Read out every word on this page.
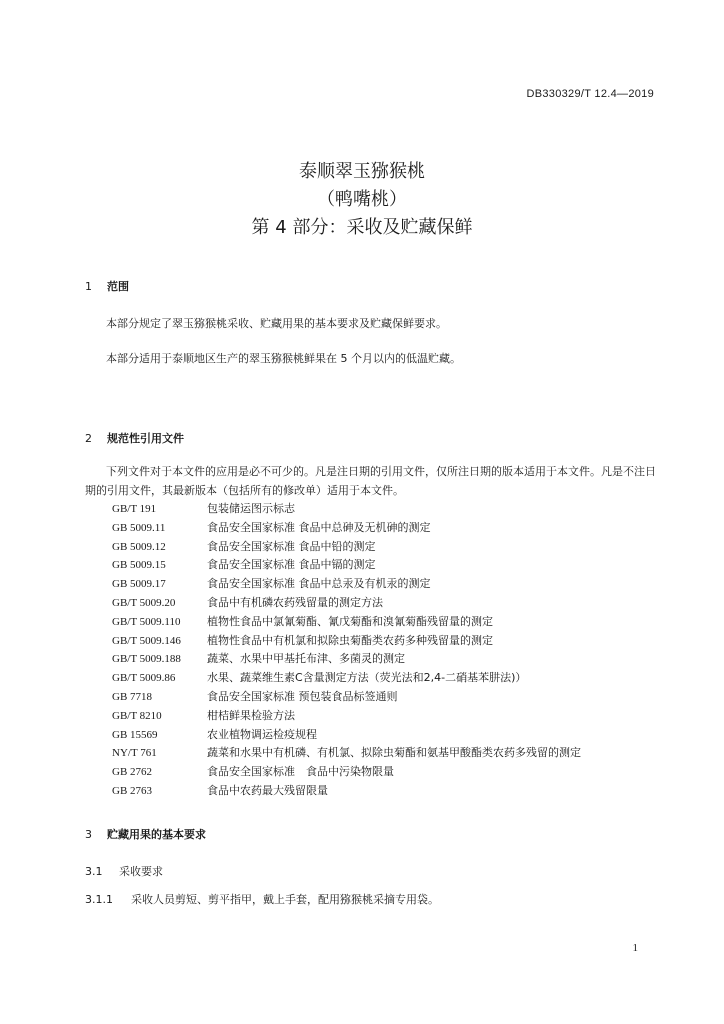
DB330329/T 12.4—2019
泰顺翠玉猕猴桃
（鸭嘴桃）
第 4 部分：采收及贮藏保鲜
1 范围
本部分规定了翠玉猕猴桃采收、贮藏用果的基本要求及贮藏保鲜要求。
本部分适用于泰顺地区生产的翠玉猕猴桃鲜果在 5 个月以内的低温贮藏。
2 规范性引用文件
下列文件对于本文件的应用是必不可少的。凡是注日期的引用文件，仅所注日期的版本适用于本文件。凡是不注日期的引用文件，其最新版本（包括所有的修改单）适用于本文件。
GB/T 191	包装储运图示标志
GB 5009.11	食品安全国家标准 食品中总砷及无机砷的测定
GB 5009.12	食品安全国家标准 食品中铅的测定
GB 5009.15	食品安全国家标准 食品中镉的测定
GB 5009.17	食品安全国家标准 食品中总汞及有机汞的测定
GB/T 5009.20	食品中有机磷农药残留量的测定方法
GB/T 5009.110	植物性食品中氯氰菊酯、氰戊菊酯和溴氰菊酯残留量的测定
GB/T 5009.146	植物性食品中有机氯和拟除虫菊酯类农药多种残留量的测定
GB/T 5009.188	蔬菜、水果中甲基托布津、多菌灵的测定
GB/T 5009.86	水果、蔬菜维生素C含量测定方法（荧光法和2,4-二硝基苯肼法)）
GB 7718	食品安全国家标准 预包装食品标签通则
GB/T 8210	柑桔鲜果检验方法
GB 15569	农业植物调运检疫规程
NY/T 761	蔬菜和水果中有机磷、有机氯、拟除虫菊酯和氨基甲酸酯类农药多残留的测定
GB 2762	食品安全国家标准　食品中污染物限量
GB 2763	食品中农药最大残留限量
3 贮藏用果的基本要求
3.1 采收要求
3.1.1 采收人员剪短、剪平指甲，戴上手套，配用猕猴桃采摘专用袋。
1
